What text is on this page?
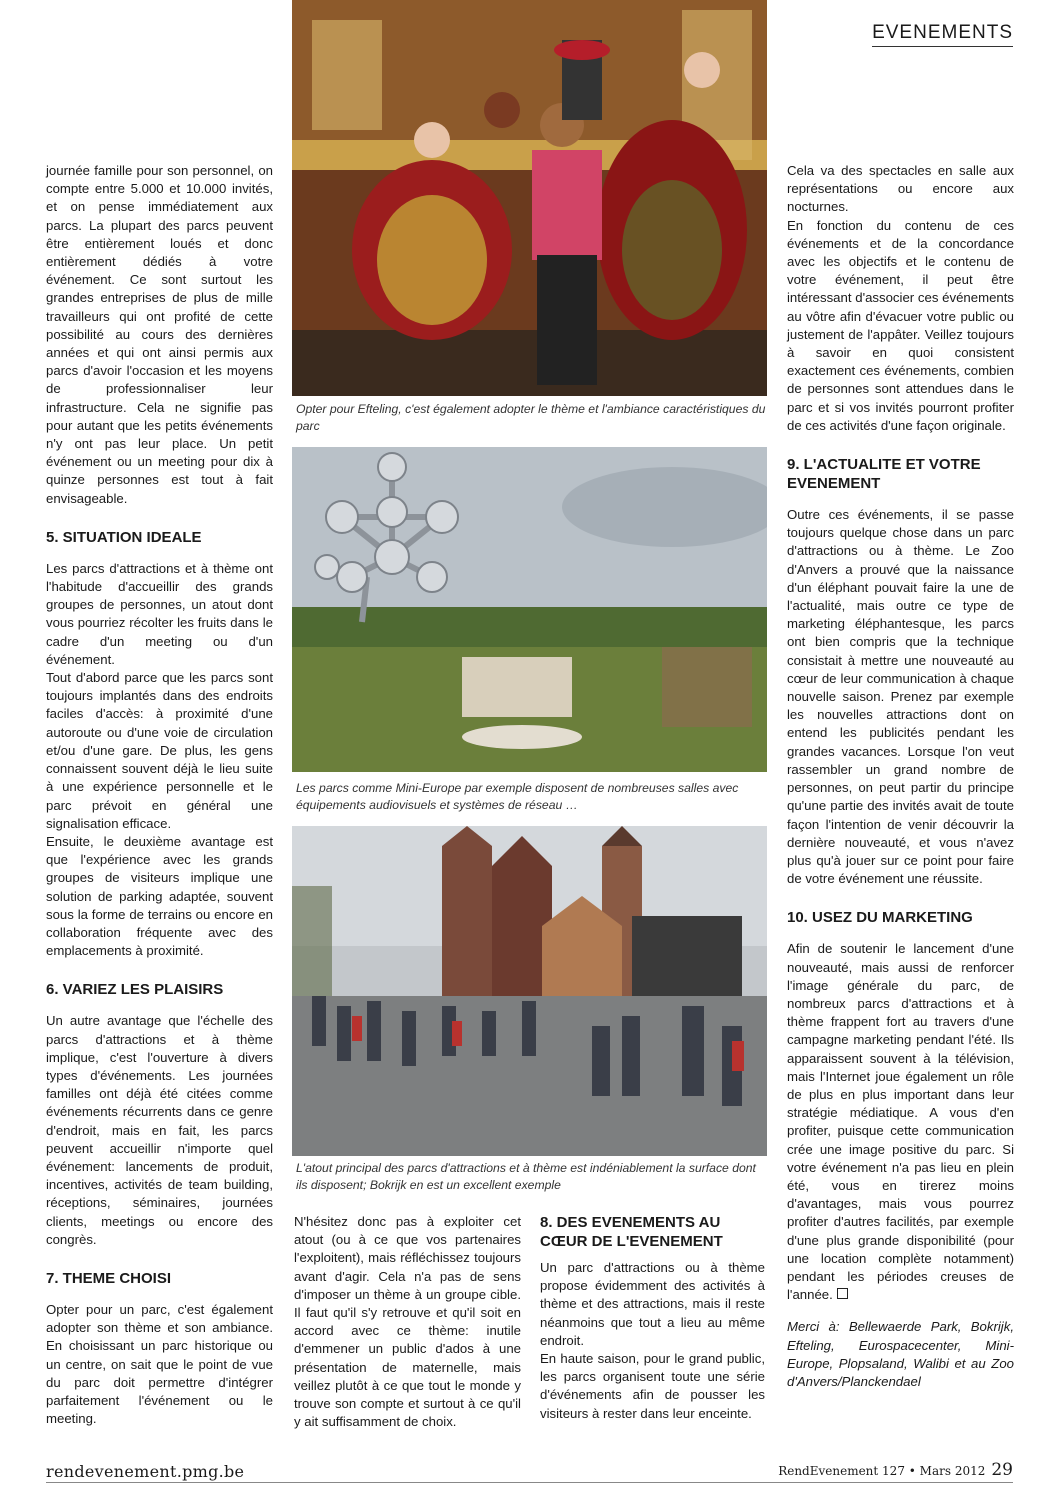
EVENEMENTS

journée famille pour son personnel, on compte entre 5.000 et 10.000 invités, et on pense immédiatement aux parcs. La plupart des parcs peuvent être entièrement loués et donc entièrement dédiés à votre événement. Ce sont surtout les grandes entreprises de plus de mille travailleurs qui ont profité de cette possibilité au cours des dernières années et qui ont ainsi permis aux parcs d'avoir l'occasion et les moyens de professionnaliser leur infrastructure. Cela ne signifie pas pour autant que les petits événements n'y ont pas leur place. Un petit événement ou un meeting pour dix à quinze personnes est tout à fait envisageable.

5. SITUATION IDEALE

Les parcs d'attractions et à thème ont l'habitude d'accueillir des grands groupes de personnes, un atout dont vous pourriez récolter les fruits dans le cadre d'un meeting ou d'un événement.

Tout d'abord parce que les parcs sont toujours implantés dans des endroits faciles d'accès: à proximité d'une autoroute ou d'une voie de circulation et/ou d'une gare. De plus, les gens connaissent souvent déjà le lieu suite à une expérience personnelle et le parc prévoit en général une signalisation efficace.

Ensuite, le deuxième avantage est que l'expérience avec les grands groupes de visiteurs implique une solution de parking adaptée, souvent sous la forme de terrains ou encore en collaboration fréquente avec des emplacements à proximité.

6. VARIEZ LES PLAISIRS

Un autre avantage que l'échelle des parcs d'attractions et à thème implique, c'est l'ouverture à divers types d'événements. Les journées familles ont déjà été citées comme événements récurrents dans ce genre d'endroit, mais en fait, les parcs peuvent accueillir n'importe quel événement: lancements de produit, incentives, activités de team building, réceptions, séminaires, journées clients, meetings ou encore des congrès.

7. THEME CHOISI

Opter pour un parc, c'est également adopter son thème et son ambiance. En choisissant un parc historique ou un centre, on sait que le point de vue du parc doit permettre d'intégrer parfaitement l'événement ou le meeting.

Opter pour Efteling, c'est également adopter le thème et l'ambiance caractéristiques du parc
Les parcs comme Mini-Europe par exemple disposent de nombreuses salles avec équipements audiovisuels et systèmes de réseau …
L'atout principal des parcs d'attractions et à thème est indéniablement la surface dont ils disposent; Bokrijk en est un excellent exemple

N'hésitez donc pas à exploiter cet atout (ou à ce que vos partenaires l'exploitent), mais réfléchissez toujours avant d'agir. Cela n'a pas de sens d'imposer un thème à un groupe cible. Il faut qu'il s'y retrouve et qu'il soit en accord avec ce thème: inutile d'emmener un public d'ados à une présentation de maternelle, mais veillez plutôt à ce que tout le monde y trouve son compte et surtout à ce qu'il y ait suffisamment de choix.

8. DES EVENEMENTS AU CŒUR DE L'EVENEMENT

Un parc d'attractions ou à thème propose évidemment des activités à thème et des attractions, mais il reste néanmoins que tout a lieu au même endroit.

En haute saison, pour le grand public, les parcs organisent toute une série d'événements afin de pousser les visiteurs à rester dans leur enceinte.

Cela va des spectacles en salle aux représentations ou encore aux nocturnes.

En fonction du contenu de ces événements et de la concordance avec les objectifs et le contenu de votre événement, il peut être intéressant d'associer ces événements au vôtre afin d'évacuer votre public ou justement de l'appâter. Veillez toujours à savoir en quoi consistent exactement ces événements, combien de personnes sont attendues dans le parc et si vos invités pourront profiter de ces activités d'une façon originale.

9. L'ACTUALITE ET VOTRE EVENEMENT

Outre ces événements, il se passe toujours quelque chose dans un parc d'attractions ou à thème. Le Zoo d'Anvers a prouvé que la naissance d'un éléphant pouvait faire la une de l'actualité, mais outre ce type de marketing éléphantesque, les parcs ont bien compris que la technique consistait à mettre une nouveauté au cœur de leur communication à chaque nouvelle saison. Prenez par exemple les nouvelles attractions dont on entend les publicités pendant les grandes vacances. Lorsque l'on veut rassembler un grand nombre de personnes, on peut partir du principe qu'une partie des invités avait de toute façon l'intention de venir découvrir la dernière nouveauté, et vous n'avez plus qu'à jouer sur ce point pour faire de votre événement une réussite.

10. USEZ DU MARKETING

Afin de soutenir le lancement d'une nouveauté, mais aussi de renforcer l'image générale du parc, de nombreux parcs d'attractions et à thème frappent fort au travers d'une campagne marketing pendant l'été. Ils apparaissent souvent à la télévision, mais l'Internet joue également un rôle de plus en plus important dans leur stratégie médiatique. A vous d'en profiter, puisque cette communication crée une image positive du parc. Si votre événement n'a pas lieu en plein été, vous en tirerez moins d'avantages, mais vous pourrez profiter d'autres facilités, par exemple d'une plus grande disponibilité (pour une location complète notamment) pendant les périodes creuses de l'année.

Merci à: Bellewaerde Park, Bokrijk, Efteling, Eurospacecenter, Mini-Europe, Plopsaland, Walibi et au Zoo d'Anvers/Planckendael

rendevenement.pmg.be	RendEvenement 127 • Mars 2012 29
